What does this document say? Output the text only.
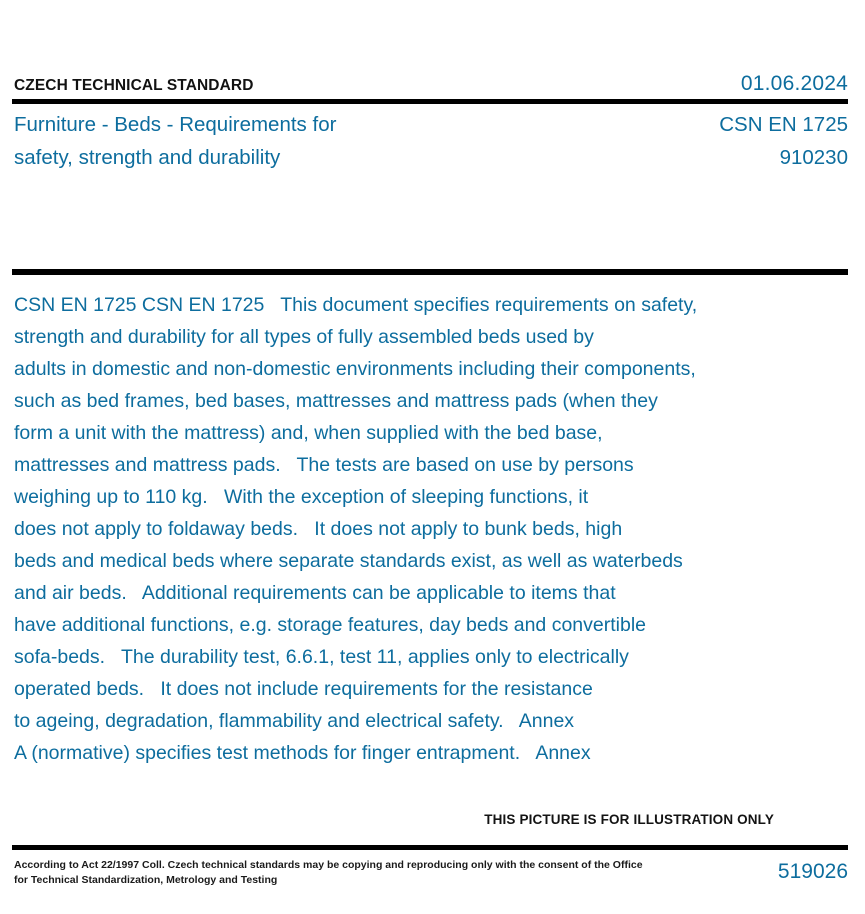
CZECH TECHNICAL STANDARD	01.06.2024
Furniture - Beds - Requirements for	CSN EN 1725
safety, strength and durability	910230
CSN EN 1725 CSN EN 1725   This document specifies requirements on safety,
strength and durability for all types of fully assembled beds used by
adults in domestic and non-domestic environments including their components,
such as bed frames, bed bases, mattresses and mattress pads (when they
form a unit with the mattress) and, when supplied with the bed base,
mattresses and mattress pads.   The tests are based on use by persons
weighing up to 110 kg.   With the exception of sleeping functions, it
does not apply to foldaway beds.   It does not apply to bunk beds, high
beds and medical beds where separate standards exist, as well as waterbeds
and air beds.   Additional requirements can be applicable to items that
have additional functions, e.g. storage features, day beds and convertible
sofa-beds.   The durability test, 6.6.1, test 11, applies only to electrically
operated beds.   It does not include requirements for the resistance
to ageing, degradation, flammability and electrical safety.   Annex
A (normative) specifies test methods for finger entrapment.   Annex
THIS PICTURE IS FOR ILLUSTRATION ONLY
According to Act 22/1997 Coll. Czech technical standards may be copying and reproducing only with the consent of the Office
for Technical Standardization, Metrology and Testing	519026
